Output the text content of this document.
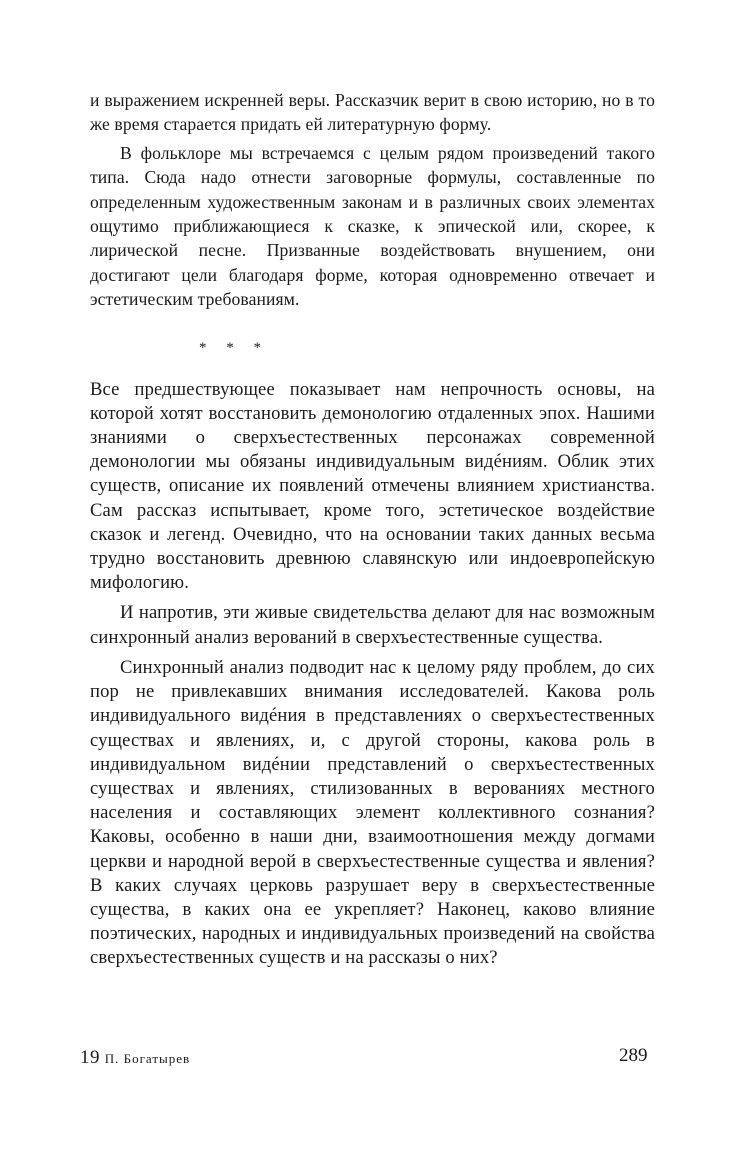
и выражением искренней веры. Рассказчик верит в свою историю, но в то же время старается придать ей литературную форму.

В фольклоре мы встречаемся с целым рядом произведений такого типа. Сюда надо отнести заговорные формулы, составленные по определенным художественным законам и в различных своих элементах ощутимо приближающиеся к сказке, к эпической или, скорее, к лирической песне. Призванные воздействовать внушением, они достигают цели благодаря форме, которая одновременно отвечает и эстетическим требованиям.

* * *

Все предшествующее показывает нам непрочность основы, на которой хотят восстановить демонологию отдаленных эпох. Нашими знаниями о сверхъестественных персонажах современной демонологии мы обязаны индивидуальным видéниям. Облик этих существ, описание их появлений отмечены влиянием христианства. Сам рассказ испытывает, кроме того, эстетическое воздействие сказок и легенд. Очевидно, что на основании таких данных весьма трудно восстановить древнюю славянскую или индоевропейскую мифологию.

И напротив, эти живые свидетельства делают для нас возможным синхронный анализ верований в сверхъестественные существа.

Синхронный анализ подводит нас к целому ряду проблем, до сих пор не привлекавших внимания исследователей. Какова роль индивидуального видéния в представлениях о сверхъестественных существах и явлениях, и, с другой стороны, какова роль в индивидуальном видéнии представлений о сверхъестественных существах и явлениях, стилизованных в верованиях местного населения и составляющих элемент коллективного сознания? Каковы, особенно в наши дни, взаимоотношения между догмами церкви и народной верой в сверхъестественные существа и явления? В каких случаях церковь разрушает веру в сверхъестественные существа, в каких она ее укрепляет? Наконец, каково влияние поэтических, народных и индивидуальных произведений на свойства сверхъестественных существ и на рассказы о них?

19 П. Богатырев	289
